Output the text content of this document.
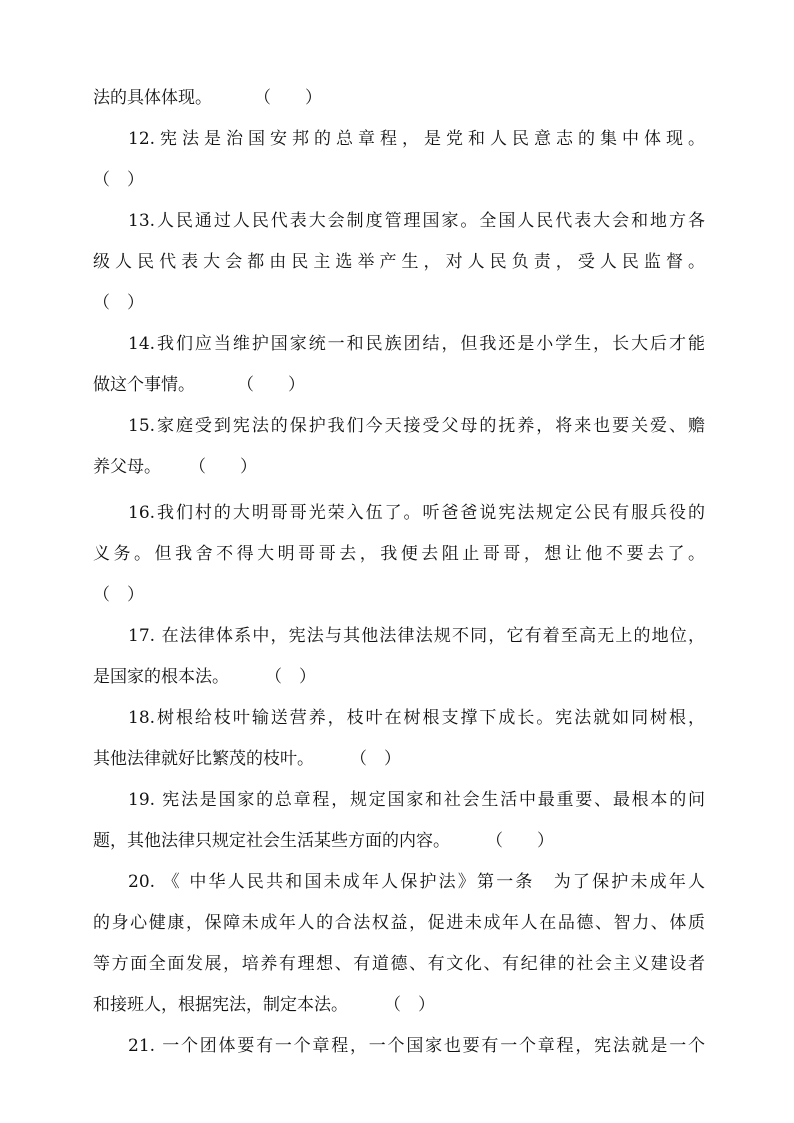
法的具体体现。 （　　）
12.宪法是治国安邦的总章程，是党和人民意志的集中体现。
（　）
13.人民通过人民代表大会制度管理国家。全国人民代表大会和地方各
级人民代表大会都由民主选举产生，对人民负责，受人民监督。
（　）
14.我们应当维护国家统一和民族团结，但我还是小学生，长大后才能
做这个事情。 （　　）
15.家庭受到宪法的保护我们今天接受父母的抚养，将来也要关爱、赡
养父母。 （　　）
16.我们村的大明哥哥光荣入伍了。听爸爸说宪法规定公民有服兵役的
义务。但我舍不得大明哥哥去，我便去阻止哥哥，想让他不要去了。
（　）
17. 在法律体系中，宪法与其他法律法规不同，它有着至高无上的地位，
是国家的根本法。 （　）
18.树根给枝叶输送营养，枝叶在树根支撑下成长。宪法就如同树根，
其他法律就好比繁茂的枝叶。 （　）
19. 宪法是国家的总章程，规定国家和社会生活中最重要、最根本的问
题，其他法律只规定社会生活某些方面的内容。 （　　）
20. 《 中华人民共和国未成年人保护法》第一条　为了保护未成年人
的身心健康，保障未成年人的合法权益，促进未成年人在品德、智力、体质
等方面全面发展，培养有理想、有道德、有文化、有纪律的社会主义建设者
和接班人，根据宪法，制定本法。 （　）
21. 一个团体要有一个章程，一个国家也要有一个章程，宪法就是一个
